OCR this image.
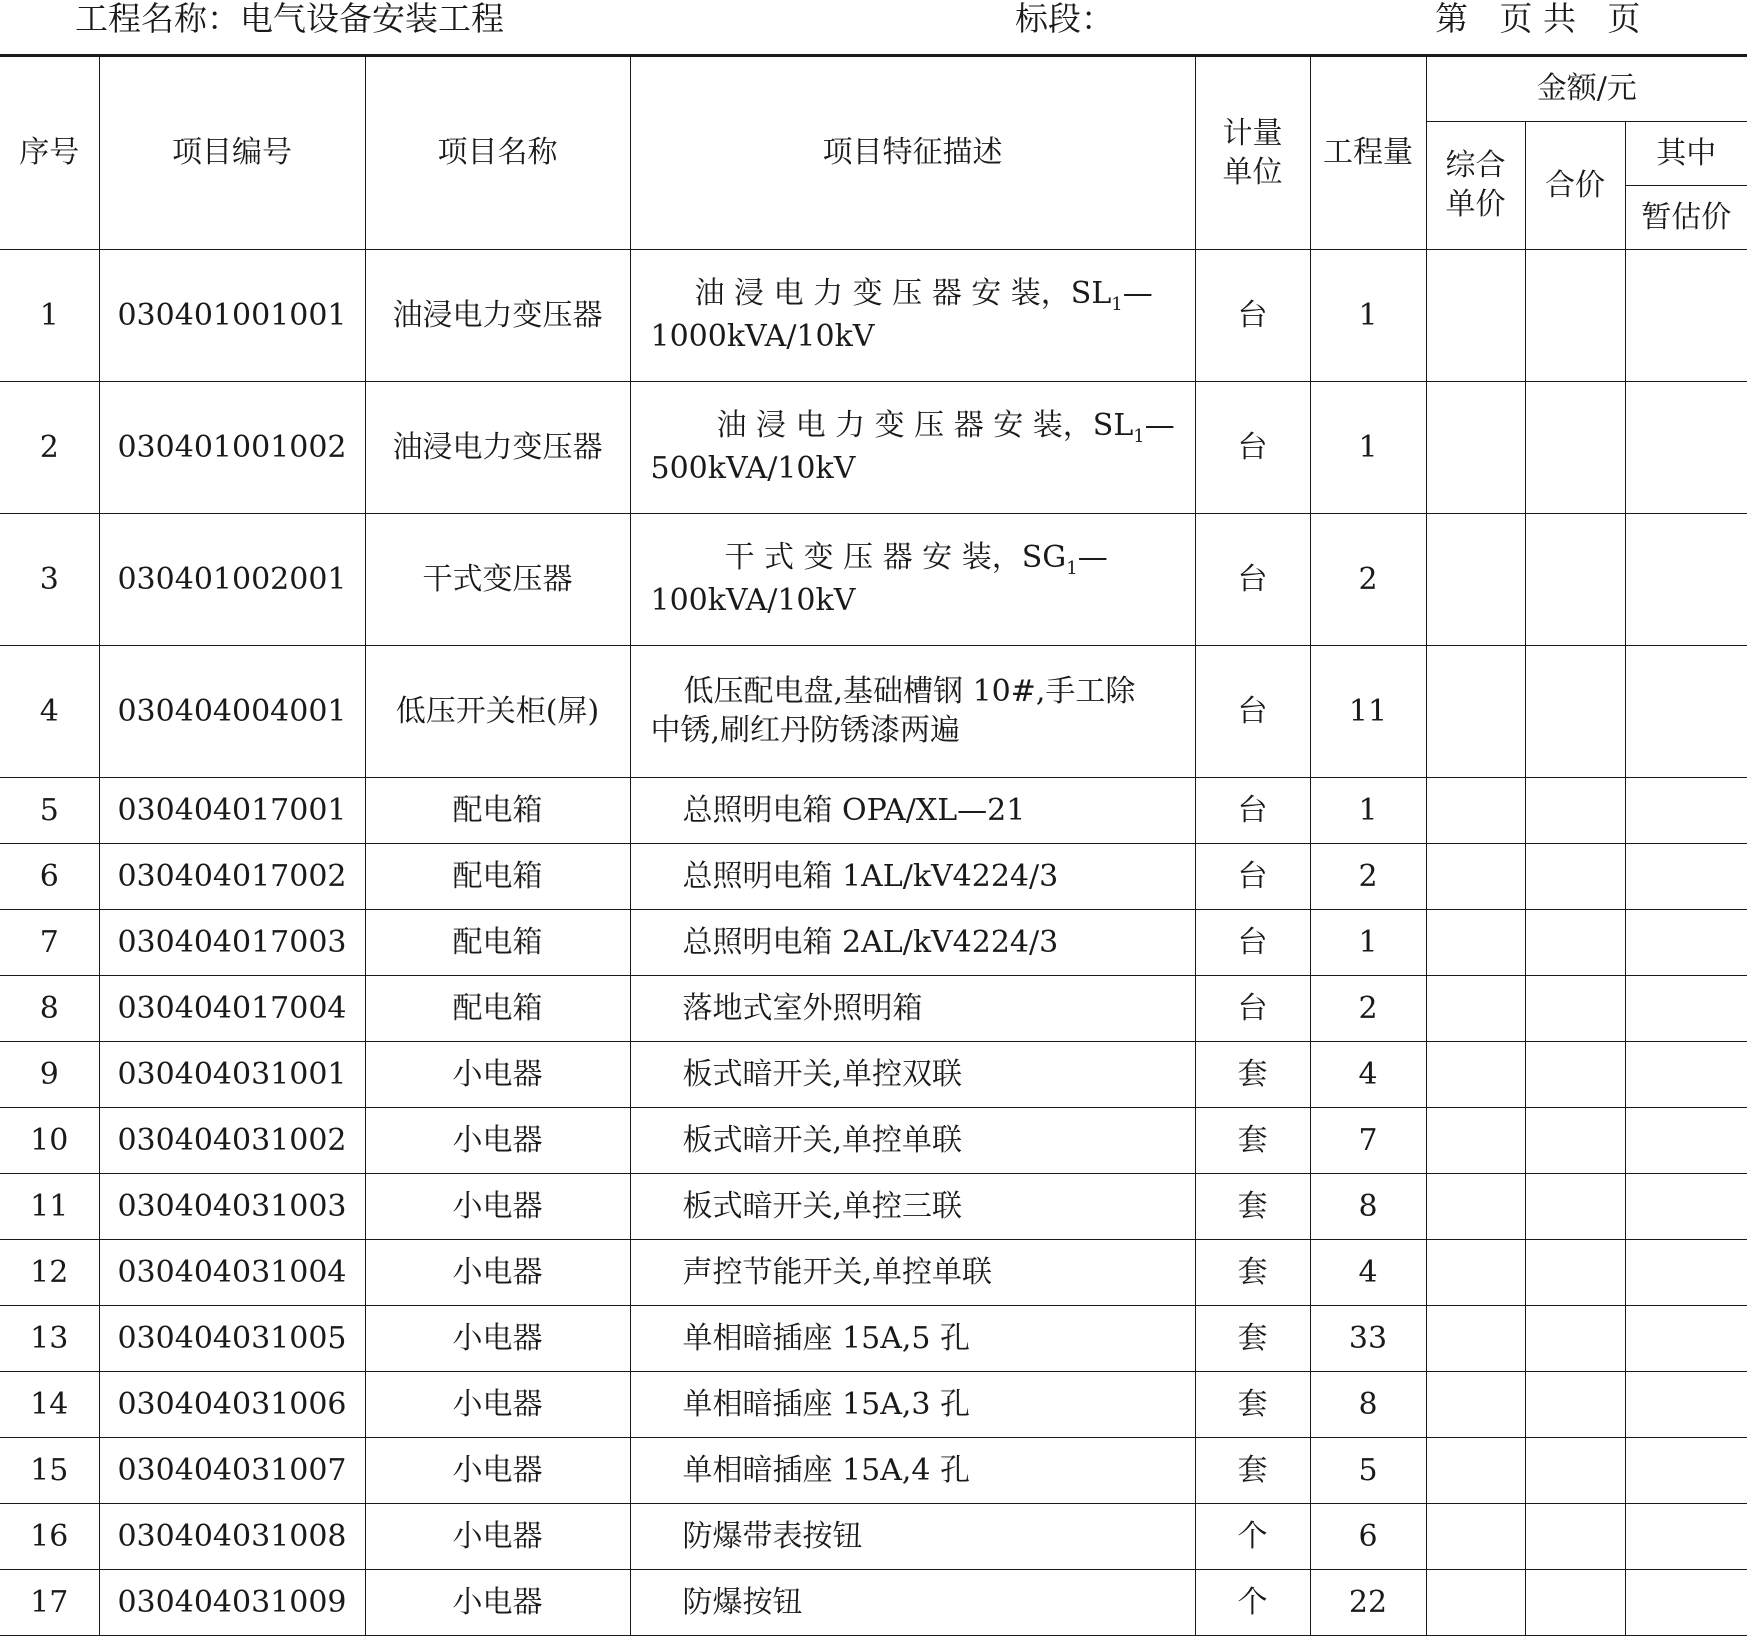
工程名称：电气设备安装工程	标段：	第   页 共   页
序号	项目编号	项目名称	项目特征描述	计量单位	工程量	金额/元		
						综合单价	合价	其中
								暂估价
1	030401001001	油浸电力变压器	油 浸 电 力 变 压 器 安 装，$SL_1—$
1000kVA/10kV	台	1			
2	030401001002	油浸电力变压器	油 浸 电 力 变 压 器 安 装，$SL_1—$
500kVA/10kV	台	1			
3	030401002001	干式变压器	干 式 变 压 器 安 装，$SG_1—$
100kVA/10kV	台	2			
4	030404004001	低压开关柜(屏)	低压配电盘,基础槽钢 10#,手工除
中锈,刷红丹防锈漆两遍	台	11			
5	030404017001	配电箱	总照明电箱 OPA/XL—21	台	1			
6	030404017002	配电箱	总照明电箱 1AL/kV4224/3	台	2			
7	030404017003	配电箱	总照明电箱 2AL/kV4224/3	台	1			
8	030404017004	配电箱	落地式室外照明箱	台	2			
9	030404031001	小电器	板式暗开关,单控双联	套	4			
10	030404031002	小电器	板式暗开关,单控单联	套	7			
11	030404031003	小电器	板式暗开关,单控三联	套	8			
12	030404031004	小电器	声控节能开关,单控单联	套	4			
13	030404031005	小电器	单相暗插座 15A,5 孔	套	33			
14	030404031006	小电器	单相暗插座 15A,3 孔	套	8			
15	030404031007	小电器	单相暗插座 15A,4 孔	套	5			
16	030404031008	小电器	防爆带表按钮	个	6			
17	030404031009	小电器	防爆按钮	个	22			
